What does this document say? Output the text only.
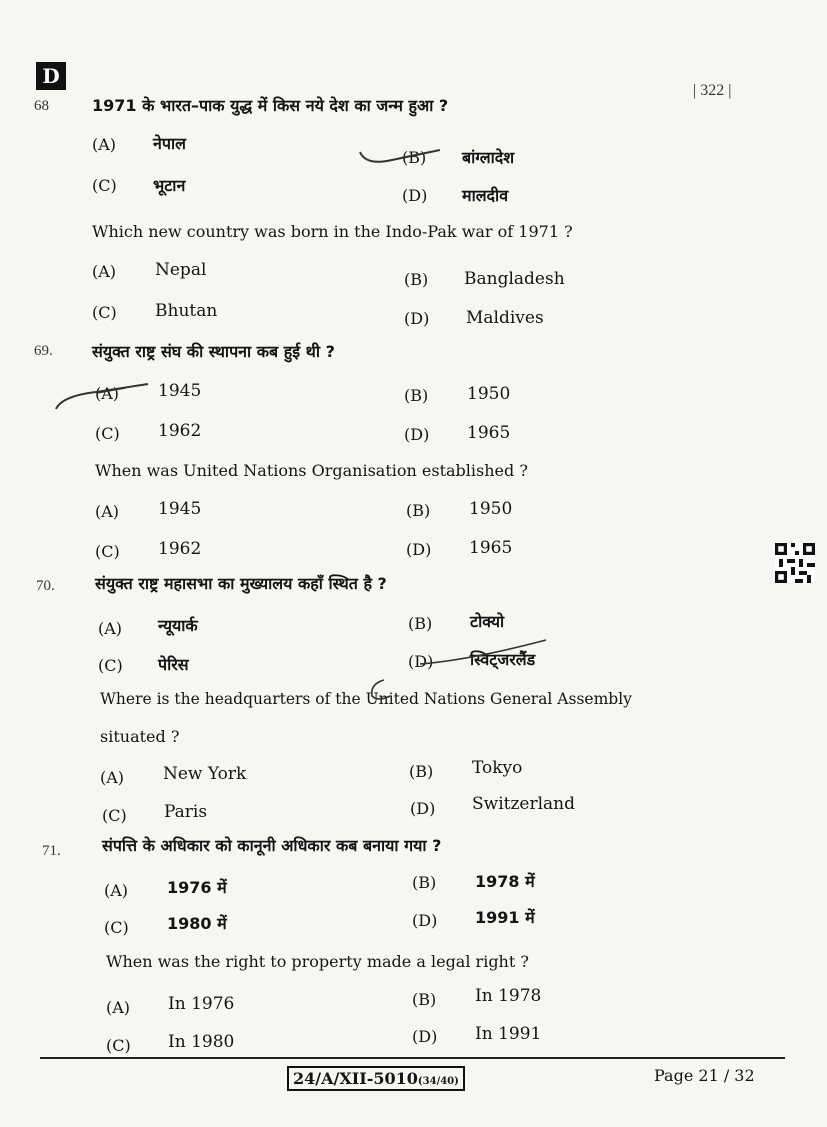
D
| 322 |
68	1971 के भारत–पाक युद्ध में किस नये देश का जन्म हुआ ?
(A) नेपाल
(B) बांग्लादेश
(C) भूटान
(D) मालदीव
Which new country was born in the Indo-Pak war of 1971 ?
(A) Nepal	(B) Bangladesh
(C) Bhutan	(D) Maldives
69. संयुक्त राष्ट्र संघ की स्थापना कब हुई थी ?
(A) 1945	(B) 1950
(C) 1962	(D) 1965
When was United Nations Organisation established ?
(A) 1945	(B) 1950
(C) 1962	(D) 1965
70.	संयुक्त राष्ट्र महासभा का मुख्यालय कहाँ स्थित है ?
(A) न्यूयार्क	(B) टोक्यो
(C) पेरिस	(D) स्विट्जरलैंड
Where is the headquarters of the United Nations General Assembly
situated ?
(A) New York	(B) Tokyo
(C) Paris	(D) Switzerland
71.	संपत्ति के अधिकार को कानूनी अधिकार कब बनाया गया ?
(A) 1976 में	(B) 1978 में
(C) 1980 में	(D) 1991 में
When was the right to property made a legal right ?
(A) In 1976	(B) In 1978
(C) In 1980	(D) In 1991
24/A/XII-5010(34/40)	Page 21 / 32
